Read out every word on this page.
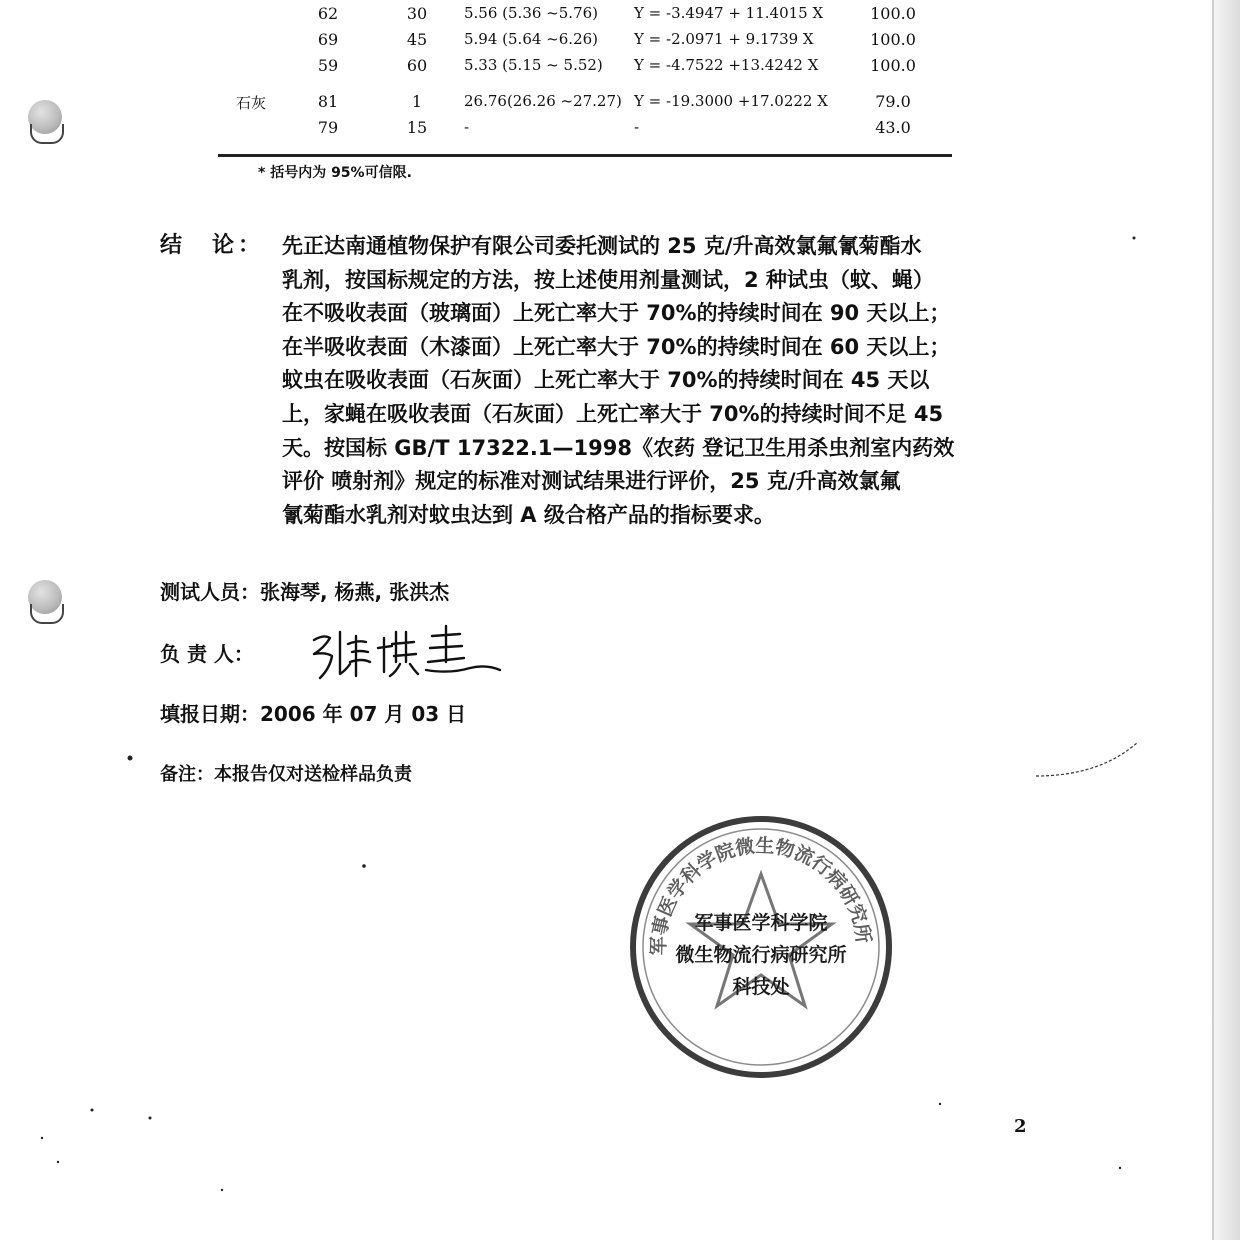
62	30	5.56 (5.36 ~5.76) Y = -3.4947 + 11.4015 X	100.0
69	45	5.94 (5.64 ~6.26) Y = -2.0971 + 9.1739 X	100.0
59	60	5.33 (5.15 ~ 5.52) Y = -4.7522 +13.4242 X	100.0
石灰	81	1	26.76(26.26 ~27.27) Y = -19.3000 +17.0222 X	79.0
79	15	-	-	43.0
* 括号内为 95%可信限.
结　论： 先正达南通植物保护有限公司委托测试的 25 克/升高效氯氟氰菊酯水
乳剂，按国标规定的方法，按上述使用剂量测试，2 种试虫（蚊、蝇）
在不吸收表面（玻璃面）上死亡率大于 70%的持续时间在 90 天以上；
在半吸收表面（木漆面）上死亡率大于 70%的持续时间在 60 天以上；
蚊虫在吸收表面（石灰面）上死亡率大于 70%的持续时间在 45 天以
上，家蝇在吸收表面（石灰面）上死亡率大于 70%的持续时间不足 45
天。按国标 GB/T 17322.1—1998《农药 登记卫生用杀虫剂室内药效
评价 喷射剂》规定的标准对测试结果进行评价，25 克/升高效氯氟
氰菊酯水乳剂对蚊虫达到 A 级合格产品的指标要求。
测试人员：张海琴, 杨燕, 张洪杰
负 责 人：
填报日期：2006 年 07 月 03 日
备注：本报告仅对送检样品负责
军事医学科学院微生物流行病研究所
军事医学科学院
微生物流行病研究所
科技处
2
